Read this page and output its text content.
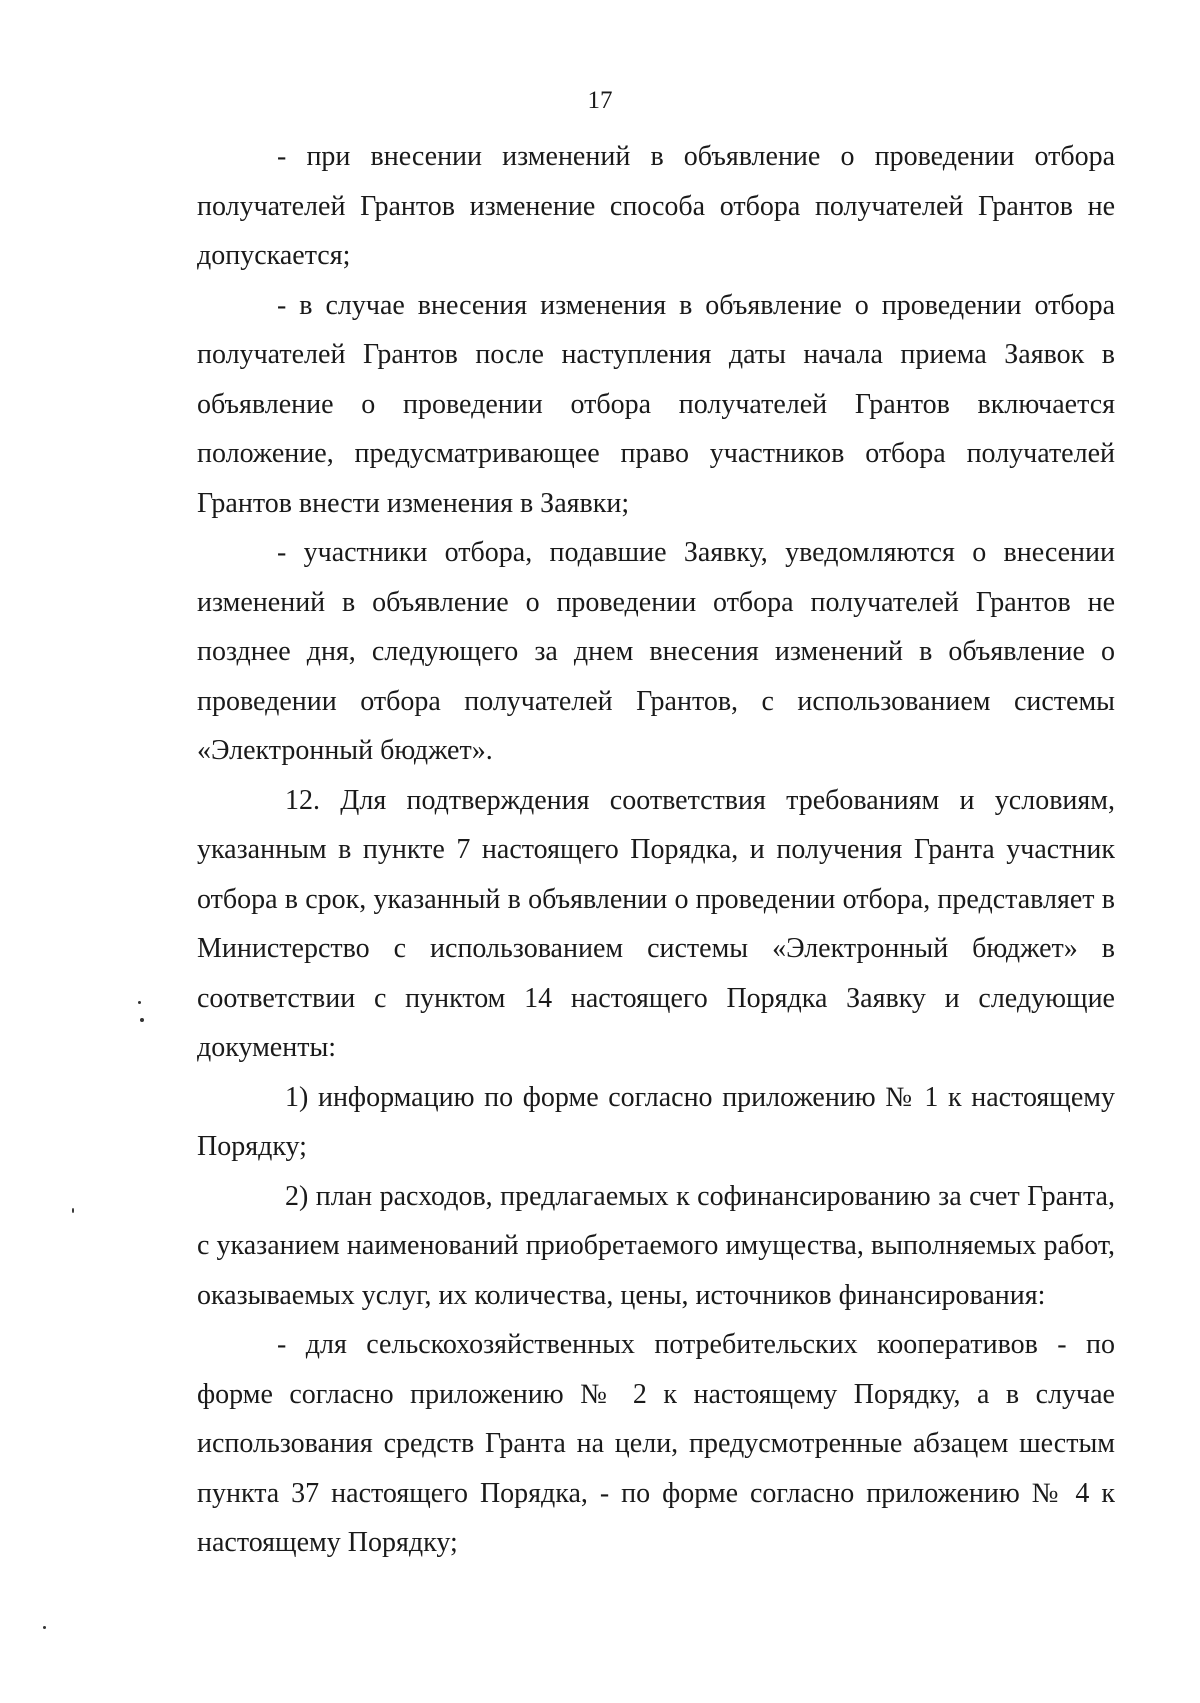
17

- при внесении изменений в объявление о проведении отбора получателей Грантов изменение способа отбора получателей Грантов не допускается;

- в случае внесения изменения в объявление о проведении отбора получателей Грантов после наступления даты начала приема Заявок в объявление о проведении отбора получателей Грантов включается положение, предусматривающее право участников отбора получателей Грантов внести изменения в Заявки;

- участники отбора, подавшие Заявку, уведомляются о внесении изменений в объявление о проведении отбора получателей Грантов не позднее дня, следующего за днем внесения изменений в объявление о проведении отбора получателей Грантов, с использованием системы «Электронный бюджет».

12. Для подтверждения соответствия требованиям и условиям, указанным в пункте 7 настоящего Порядка, и получения Гранта участник отбора в срок, указанный в объявлении о проведении отбора, представляет в Министерство с использованием системы «Электронный бюджет» в соответствии с пунктом 14 настоящего Порядка Заявку и следующие документы:

1) информацию по форме согласно приложению № 1 к настоящему Порядку;

2) план расходов, предлагаемых к софинансированию за счет Гранта, с указанием наименований приобретаемого имущества, выполняемых работ, оказываемых услуг, их количества, цены, источников финансирования:

- для сельскохозяйственных потребительских кооперативов - по форме согласно приложению № 2 к настоящему Порядку, а в случае использования средств Гранта на цели, предусмотренные абзацем шестым пункта 37 настоящего Порядка, - по форме согласно приложению № 4 к настоящему Порядку;
